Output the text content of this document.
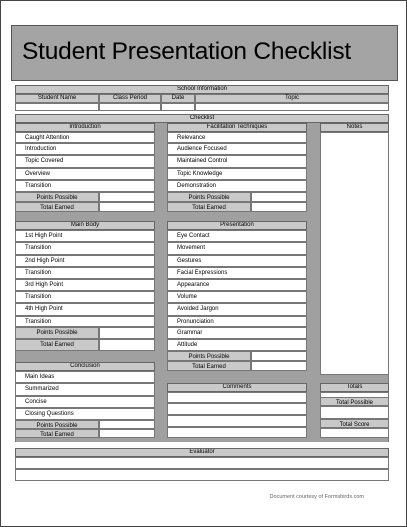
Student Presentation Checklist
School Information
Student Name	Class Period	Date	Topic
Checklist
Introduction
Caught Attention
Introduction
Topic Covered
Overview
Transition
Points Possible
Total Earned
Facilitation Techniques
Relevance
Audience Focused
Maintained Control
Topic Knowledge
Demonstration
Points Possible
Total Earned
Notes
Main Body
1st High Point
Transition
2nd High Point
Transition
3rd High Point
Transition
4th High Point
Transition
Points Possible
Total Earned
Presentation
Eye Contact
Movement
Gestures
Facial Expressions
Appearance
Volume
Avoided Jargon
Pronunciation
Grammar
Attitude
Points Possible
Total Earned
Conclusion
Main Ideas
Summarized
Concise
Closing Questions
Points Possible
Total Earned
Comments	Totals
Total Possible
Total Score
Evaluator
Document courtesy of Formsbirds.com
